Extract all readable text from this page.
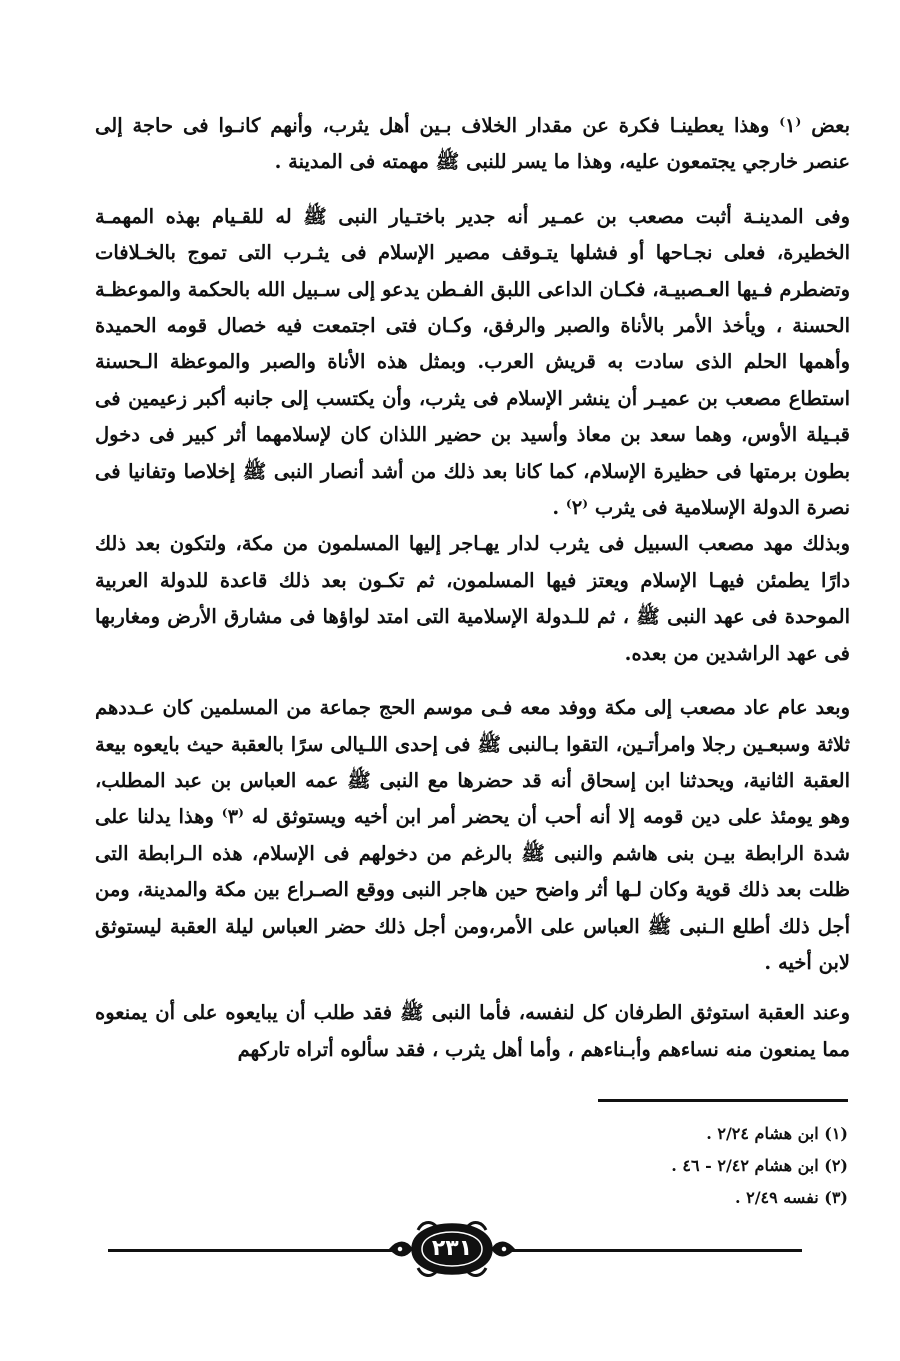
بعض ⁽١⁾ وهذا يعطينـا فكرة عن مقدار الخلاف بـين أهل يثرب، وأنهم كانـوا فى حاجة إلى عنصر خارجي يجتمعون عليه، وهذا ما يسر للنبى ﷺ مهمته فى المدينة .

وفى المدينـة أثبت مصعب بن عمـير أنه جدير باختـيار النبى ﷺ له للقـيام بهذه المهمـة الخطيرة، فعلى نجـاحها أو فشلها يتـوقف مصير الإسلام فى يثـرب التى تموج بالخـلافات وتضطرم فـيها العـصبيـة، فكـان الداعى اللبق الفـطن يدعو إلى سـبيل الله بالحكمة والموعظـة الحسنة ، ويأخذ الأمر بالأناة والصبر والرفق، وكـان فتى اجتمعت فيه خصال قومه الحميدة وأهمها الحلم الذى سادت به قريش العرب. وبمثل هذه الأناة والصبر والموعظة الـحسنة استطاع مصعب بن عميـر أن ينشر الإسلام فى يثرب، وأن يكتسب إلى جانبه أكبر زعيمين فى قبـيلة الأوس، وهما سعد بن معاذ وأسيد بن حضير اللذان كان لإسلامهما أثر كبير فى دخول بطون برمتها فى حظيرة الإسلام، كما كانا بعد ذلك من أشد أنصار النبى ﷺ إخلاصا وتفانيا فى نصرة الدولة الإسلامية فى يثرب ⁽٢⁾ .

وبذلك مهد مصعب السبيل فى يثرب لدار يهـاجر إليها المسلمون من مكة، ولتكون بعد ذلك دارًا يطمئن فيهـا الإسلام ويعتز فيها المسلمون، ثم تكـون بعد ذلك قاعدة للدولة العربية الموحدة فى عهد النبى ﷺ ، ثم للـدولة الإسلامية التى امتد لواؤها فى مشارق الأرض ومغاربها فى عهد الراشدين من بعده.

وبعد عام عاد مصعب إلى مكة ووفد معه فـى موسم الحج جماعة من المسلمين كان عـددهم ثلاثة وسبعـين رجلا وامرأتـين، التقوا بـالنبى ﷺ فى إحدى اللـيالى سرًا بالعقبة حيث بايعوه بيعة العقبة الثانية، ويحدثنا ابن إسحاق أنه قد حضرها مع النبى ﷺ عمه العباس بن عبد المطلب، وهو يومئذ على دين قومه إلا أنه أحب أن يحضر أمر ابن أخيه ويستوثق له ⁽٣⁾ وهذا يدلنا على شدة الرابطة بيـن بنى هاشم والنبى ﷺ بالرغم من دخولهم فى الإسلام، هذه الـرابطة التى ظلت بعد ذلك قوية وكان لـها أثر واضح حين هاجر النبى ووقع الصـراع بين مكة والمدينة، ومن أجل ذلك أطلع الـنبى ﷺ العباس على الأمر،ومن أجل ذلك حضر العباس ليلة العقبة ليستوثق لابن أخيه .

وعند العقبة استوثق الطرفان كل لنفسه، فأما النبى ﷺ فقد طلب أن يبايعوه على أن يمنعوه مما يمنعون منه نساءهم وأبـناءهم ، وأما أهل يثرب ، فقد سألوه أتراه تاركهم

(١) ابن هشام ٢/٢٤ .

(٢) ابن هشام ٢/٤٢ - ٤٦ .

(٣) نفسه ٢/٤٩ .

٢٣١
